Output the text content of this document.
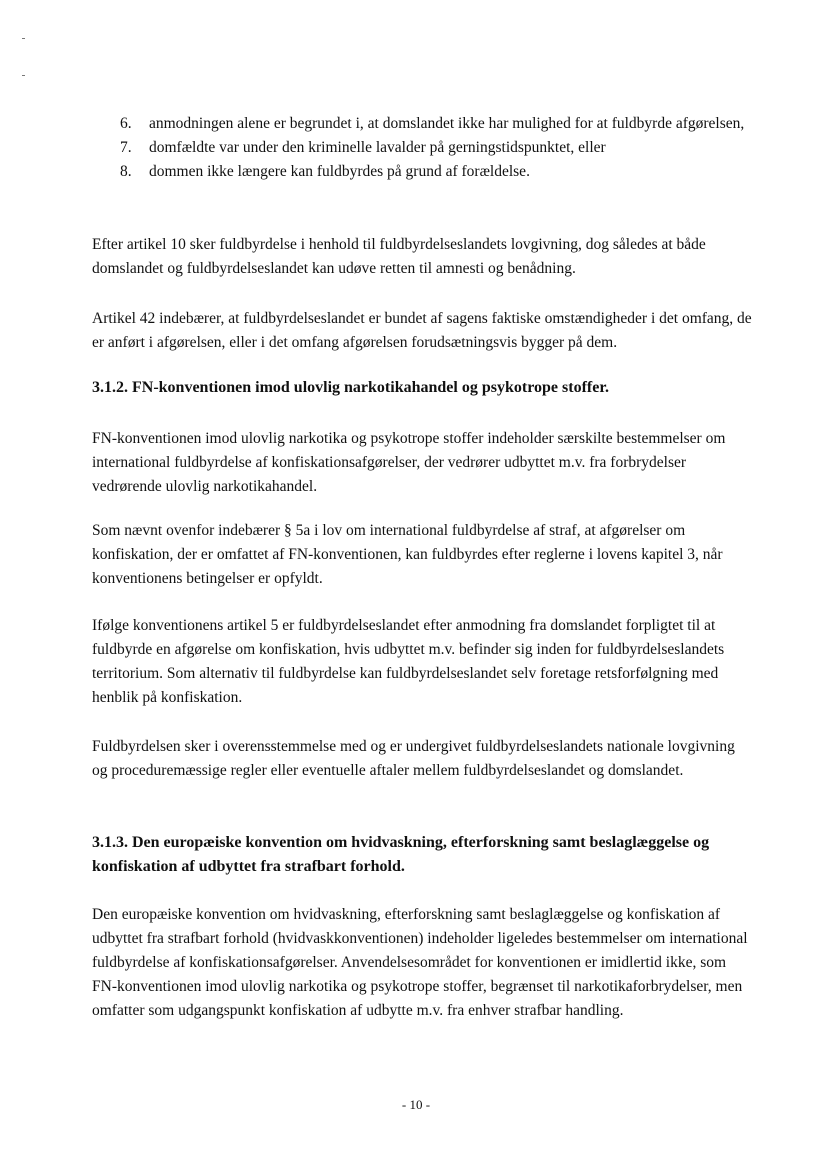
6. anmodningen alene er begrundet i, at domslandet ikke har mulighed for at fuldbyrde afgørelsen,
7. domfældte var under den kriminelle lavalder på gerningstidspunktet, eller
8. dommen ikke længere kan fuldbyrdes på grund af forældelse.

Efter artikel 10 sker fuldbyrdelse i henhold til fuldbyrdelseslandets lovgivning, dog således at både domslandet og fuldbyrdelseslandet kan udøve retten til amnesti og benådning.

Artikel 42 indebærer, at fuldbyrdelseslandet er bundet af sagens faktiske omstændigheder i det omfang, de er anført i afgørelsen, eller i det omfang afgørelsen forudsætningsvis bygger på dem.

3.1.2. FN-konventionen imod ulovlig narkotikahandel og psykotrope stoffer.

FN-konventionen imod ulovlig narkotika og psykotrope stoffer indeholder særskilte bestemmelser om international fuldbyrdelse af konfiskationsafgørelser, der vedrører udbyttet m.v. fra forbrydelser vedrørende ulovlig narkotikahandel.

Som nævnt ovenfor indebærer § 5a i lov om international fuldbyrdelse af straf, at afgørelser om konfiskation, der er omfattet af FN-konventionen, kan fuldbyrdes efter reglerne i lovens kapitel 3, når konventionens betingelser er opfyldt.

Ifølge konventionens artikel 5 er fuldbyrdelseslandet efter anmodning fra domslandet forpligtet til at fuldbyrde en afgørelse om konfiskation, hvis udbyttet m.v. befinder sig inden for fuldbyrdelseslandets territorium. Som alternativ til fuldbyrdelse kan fuldbyrdelseslandet selv foretage retsforfølgning med henblik på konfiskation.

Fuldbyrdelsen sker i overensstemmelse med og er undergivet fuldbyrdelseslandets nationale lovgivning og proceduremæssige regler eller eventuelle aftaler mellem fuldbyrdelseslandet og domslandet.

3.1.3. Den europæiske konvention om hvidvaskning, efterforskning samt beslaglæggelse og konfiskation af udbyttet fra strafbart forhold.

Den europæiske konvention om hvidvaskning, efterforskning samt beslaglæggelse og konfiskation af udbyttet fra strafbart forhold (hvidvaskkonventionen) indeholder ligeledes bestemmelser om international fuldbyrdelse af konfiskationsafgørelser. Anvendelsesområdet for konventionen er imidlertid ikke, som FN-konventionen imod ulovlig narkotika og psykotrope stoffer, begrænset til narkotikaforbrydelser, men omfatter som udgangspunkt konfiskation af udbytte m.v. fra enhver strafbar handling.

- 10 -
